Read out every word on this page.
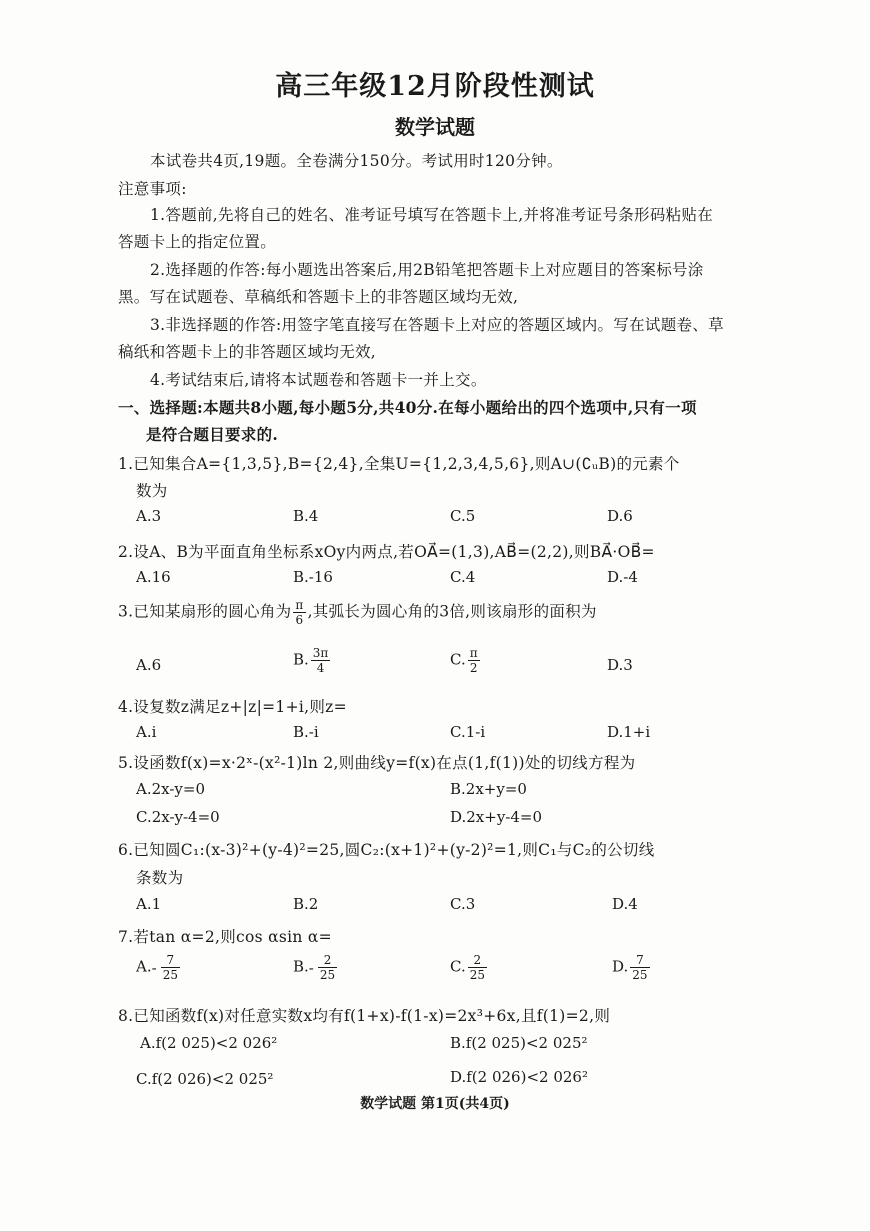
高三年级12月阶段性测试
数学试题
本试卷共4页,19题。全卷满分150分。考试用时120分钟。
注意事项:
1.答题前,先将自己的姓名、准考证号填写在答题卡上,并将准考证号条形码粘贴在
答题卡上的指定位置。
2.选择题的作答:每小题选出答案后,用2B铅笔把答题卡上对应题目的答案标号涂
黑。写在试题卷、草稿纸和答题卡上的非答题区域均无效,
3.非选择题的作答:用签字笔直接写在答题卡上对应的答题区域内。写在试题卷、草
稿纸和答题卡上的非答题区域均无效,
4.考试结束后,请将本试题卷和答题卡一并上交。
一、选择题:本题共8小题,每小题5分,共40分.在每小题给出的四个选项中,只有一项
是符合题目要求的.
1.已知集合A={1,3,5},B={2,4},全集U={1,2,3,4,5,6},则A∪(∁ᵤB)的元素个
数为
A.3	B.4	C.5	D.6
2.设A、B为平面直角坐标系xOy内两点,若OA⃗=(1,3),AB⃗=(2,2),则BA⃗·OB⃗=
A.16	B.-16	C.4	D.-4
3.已知某扇形的圆心角为 $\frac{\pi}{6}$ ,其弧长为圆心角的3倍,则该扇形的面积为
A.6	B. $\frac{3\pi}{4}$	C. $\frac{\pi}{2}$	D.3
4.设复数z满足z+|z|=1+i,则z=
A.i	B.-i	C.1-i	D.1+i
5.设函数f(x)=x·2ˣ-(x²-1)ln 2,则曲线y=f(x)在点(1,f(1))处的切线方程为
A.2x-y=0	B.2x+y=0
C.2x-y-4=0	D.2x+y-4=0
6.已知圆C₁:(x-3)²+(y-4)²=25,圆C₂:(x+1)²+(y-2)²=1,则C₁与C₂的公切线
条数为
A.1	B.2	C.3	D.4
7.若tan α=2,则cos αsin α=
$A.- \frac{7}{25}$	$B.- \frac{2}{25}$	C. $\frac{2}{25}$	D. $\frac{7}{25}$
8.已知函数f(x)对任意实数x均有f(1+x)-f(1-x)=2x³+6x,且f(1)=2,则
A.f(2 025)<2 026²	B.f(2 025)<2 025²
C.f(2 026)<2 025²	D.f(2 026)<2 026²
数学试题 第1页(共4页)
